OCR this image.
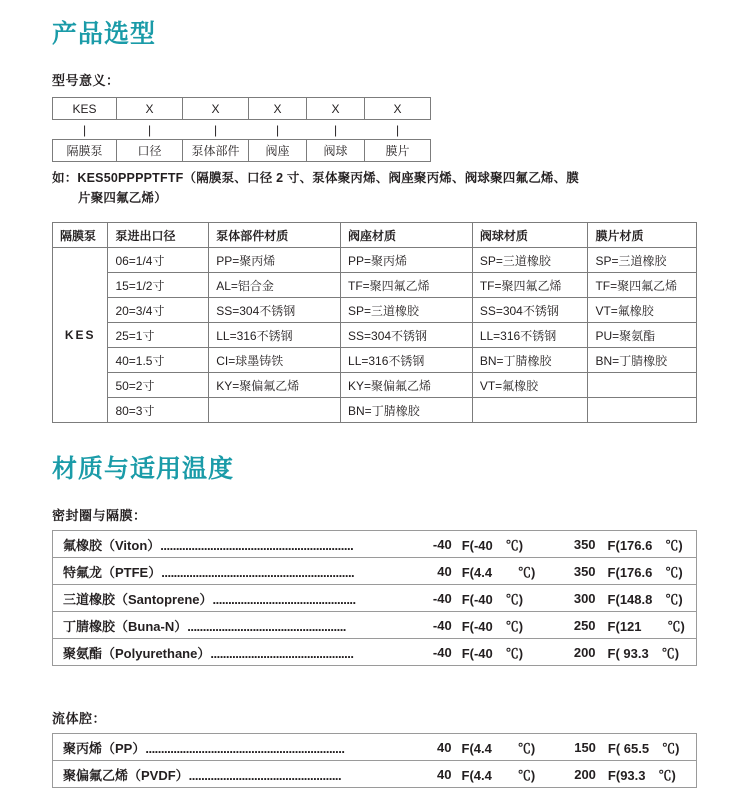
产品选型
型号意义：
KES	X	X	X	X	X
|	|	|	|	|	|
隔膜泵	口径	泵体部件	阀座	阀球	膜片
如：KES50PPPPTFTF（隔膜泵、口径 2 寸、泵体聚丙烯、阀座聚丙烯、阀球聚四氟乙烯、膜
片聚四氟乙烯）
隔膜泵	泵进出口径	泵体部件材质	阀座材质	阀球材质	膜片材质
KES	06=1/4寸	PP=聚丙烯	PP=聚丙烯	SP=三道橡胶	SP=三道橡胶
	15=1/2寸	AL=铝合金	TF=聚四氟乙烯	TF=聚四氟乙烯	TF=聚四氟乙烯
	20=3/4寸	SS=304不锈钢	SP=三道橡胶	SS=304不锈钢	VT=氟橡胶
	25=1寸	LL=316不锈钢	SS=304不锈钢	LL=316不锈钢	PU=聚氨酯
	40=1.5寸	CI=球墨铸铁	LL=316不锈钢	BN=丁腈橡胶	BN=丁腈橡胶
	50=2寸	KY=聚偏氟乙烯	KY=聚偏氟乙烯	VT=氟橡胶	
	80=3寸		BN=丁腈橡胶		
材质与适用温度
密封圈与隔膜：
氟橡胶（Viton）..............................................................	-40	F(-40　℃)	350	F(176.6　℃)
特氟龙（PTFE）..............................................................	40	F(4.4　　℃)	350	F(176.6　℃)
三道橡胶（Santoprene）..............................................	-40	F(-40　℃)	300	F(148.8　℃)
丁腈橡胶（Buna-N）...................................................	-40	F(-40　℃)	250	F(121　　℃)
聚氨酯（Polyurethane）..............................................	-40	F(-40　℃)	200	F( 93.3　℃)
流体腔：
聚丙烯（PP）................................................................	40	F(4.4　　℃)	150	F( 65.5　℃)
聚偏氟乙烯（PVDF）.................................................	40	F(4.4　　℃)	200	F(93.3　℃)
